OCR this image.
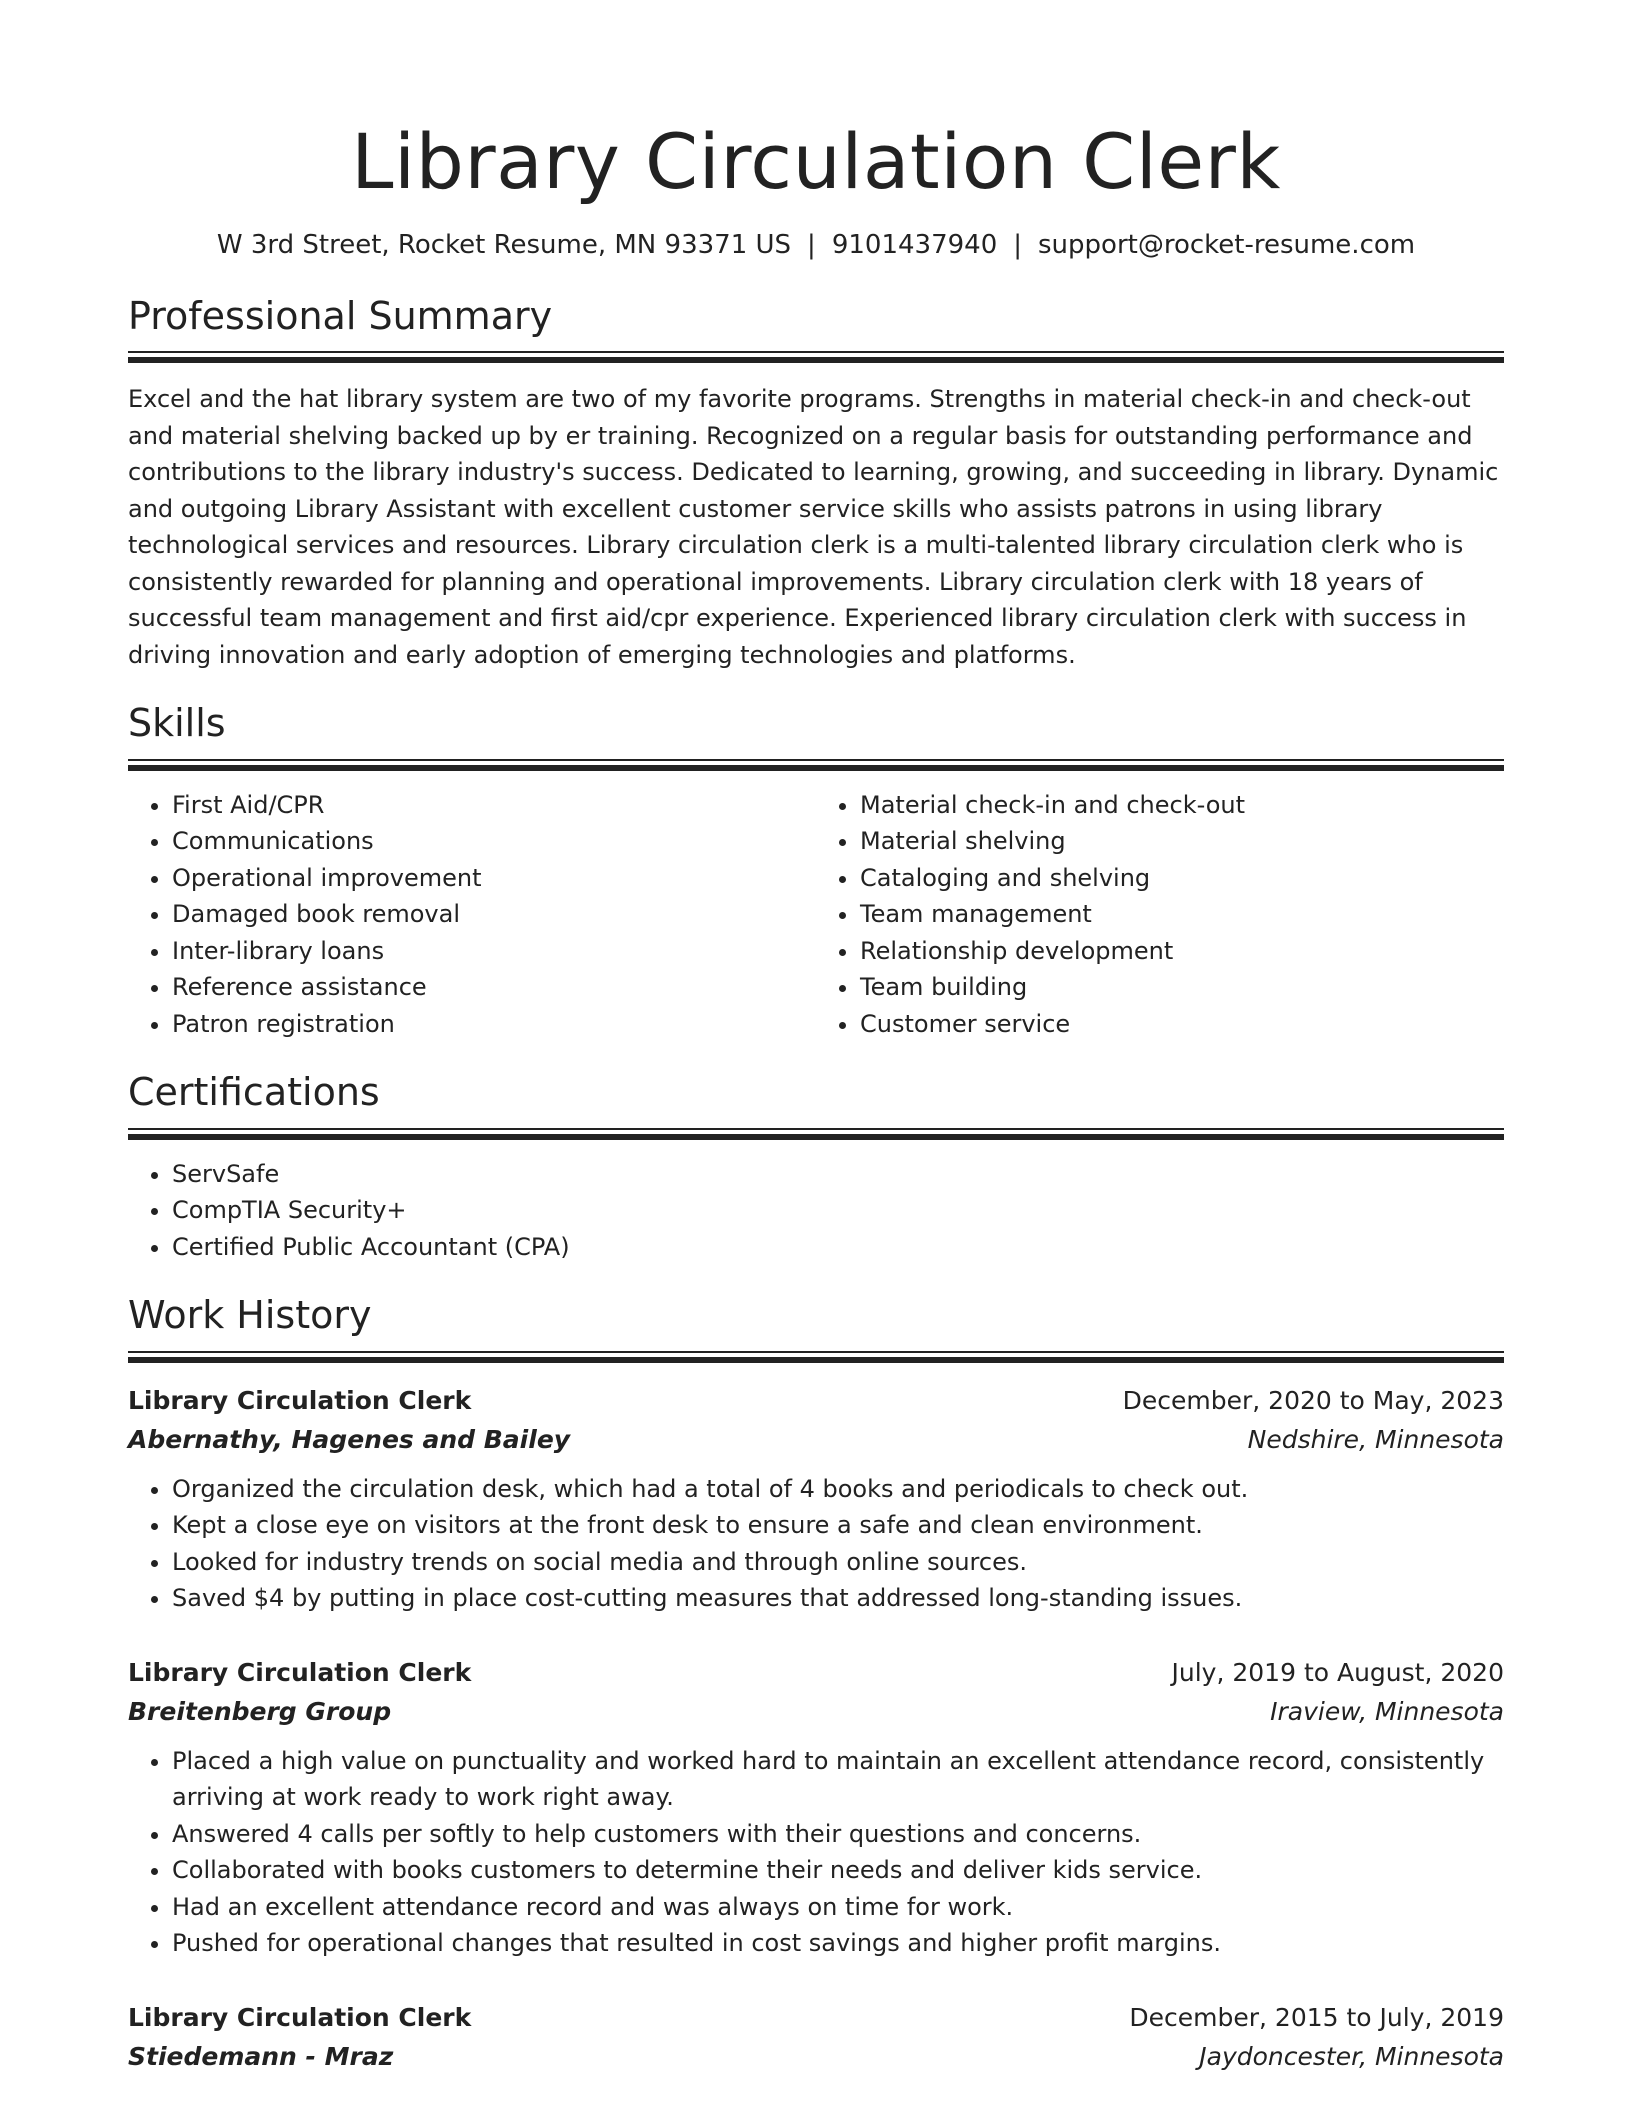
Library Circulation Clerk
W 3rd Street, Rocket Resume, MN 93371 US | 9101437940 | support@rocket-resume.com
Professional Summary
Excel and the hat library system are two of my favorite programs. Strengths in material check-in and check-out and material shelving backed up by er training. Recognized on a regular basis for outstanding performance and contributions to the library industry's success. Dedicated to learning, growing, and succeeding in library. Dynamic and outgoing Library Assistant with excellent customer service skills who assists patrons in using library technological services and resources. Library circulation clerk is a multi-talented library circulation clerk who is consistently rewarded for planning and operational improvements. Library circulation clerk with 18 years of successful team management and first aid/cpr experience. Experienced library circulation clerk with success in driving innovation and early adoption of emerging technologies and platforms.
Skills
• First Aid/CPR
• Communications
• Operational improvement
• Damaged book removal
• Inter-library loans
• Reference assistance
• Patron registration
• Material check-in and check-out
• Material shelving
• Cataloging and shelving
• Team management
• Relationship development
• Team building
• Customer service
Certifications
• ServSafe
• CompTIA Security+
• Certified Public Accountant (CPA)
Work History
Library Circulation Clerk	December, 2020 to May, 2023
Abernathy, Hagenes and Bailey	Nedshire, Minnesota
• Organized the circulation desk, which had a total of 4 books and periodicals to check out.
• Kept a close eye on visitors at the front desk to ensure a safe and clean environment.
• Looked for industry trends on social media and through online sources.
• Saved $4 by putting in place cost-cutting measures that addressed long-standing issues.
Library Circulation Clerk	July, 2019 to August, 2020
Breitenberg Group	Iraview, Minnesota
• Placed a high value on punctuality and worked hard to maintain an excellent attendance record, consistently arriving at work ready to work right away.
• Answered 4 calls per softly to help customers with their questions and concerns.
• Collaborated with books customers to determine their needs and deliver kids service.
• Had an excellent attendance record and was always on time for work.
• Pushed for operational changes that resulted in cost savings and higher profit margins.
Library Circulation Clerk	December, 2015 to July, 2019
Stiedemann - Mraz	Jaydoncester, Minnesota
